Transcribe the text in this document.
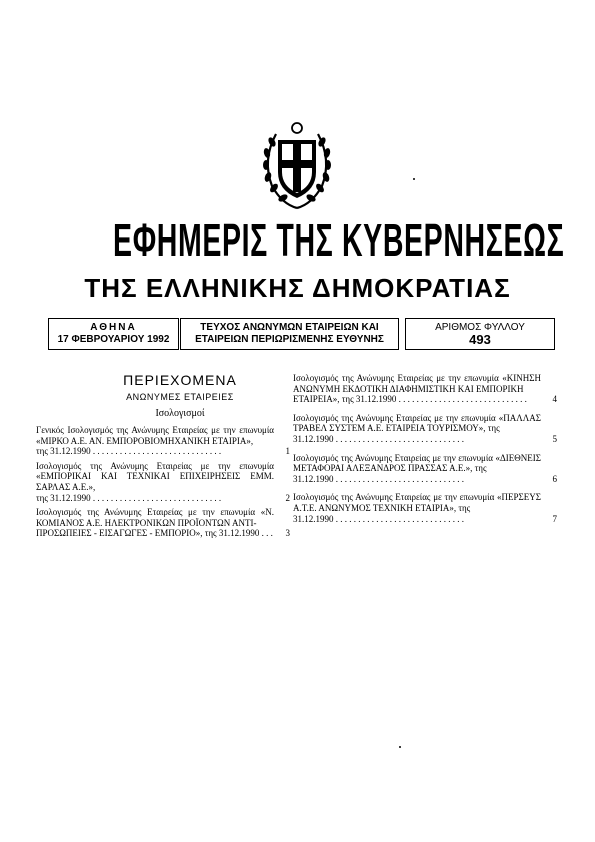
ΕΦΗΜΕΡΙΣ ΤΗΣ ΚΥΒΕΡΝΗΣΕΩΣ
ΤΗΣ ΕΛΛΗΝΙΚΗΣ ΔΗΜΟΚΡΑΤΙΑΣ
ΑΘΗΝΑ
17 ΦΕΒΡΟΥΑΡΙΟΥ 1992
ΤΕΥΧΟΣ ΑΝΩΝΥΜΩΝ ΕΤΑΙΡΕΙΩΝ ΚΑΙ
ΕΤΑΙΡΕΙΩΝ ΠΕΡΙΩΡΙΣΜΕΝΗΣ ΕΥΘΥΝΗΣ
ΑΡΙΘΜΟΣ ΦΥΛΛΟΥ
493
ΠΕΡΙΕΧΟΜΕΝΑ
ΑΝΩΝΥΜΕΣ ΕΤΑΙΡΕΙΕΣ
Ισολογισμοί
Γενικός Ισολογισμός της Ανώνυμης Εταιρείας με την επωνυμία «ΜΙΡΚΟ Α.Ε. ΑΝ. ΕΜΠΟΡΟΒΙΟΜΗΧΑΝΙΚΗ ΕΤΑΙΡΙΑ»,
της 31.12.1990 . . .	1
Ισολογισμός της Ανώνυμης Εταιρείας με την επωνυμία «ΕΜΠΟΡΙΚΑΙ ΚΑΙ ΤΕΧΝΙΚΑΙ ΕΠΙΧΕΙΡΗΣΕΙΣ ΕΜΜ. ΣΑΡΛΑΣ Α.Ε.»,
της 31.12.1990 . . .	2
Ισολογισμός της Ανώνυμης Εταιρείας με την επωνυμία «Ν. ΚΟΜΙΑΝΟΣ Α.Ε. ΗΛΕΚΤΡΟΝΙΚΩΝ ΠΡΟΪΟΝΤΩΝ ΑΝΤΙ-
ΠΡΟΣΩΠΕΙΕΣ - ΕΙΣΑΓΩΓΕΣ - ΕΜΠΟΡΙΟ», της 31.12.1990 . . .	3
Ισολογισμός της Ανώνυμης Εταιρείας με την επωνυμία «ΚΙΝΗΣΗ ΑΝΩΝΥΜΗ ΕΚΔΟΤΙΚΗ ΔΙΑΦΗΜΙΣΤΙΚΗ ΚΑΙ ΕΜΠΟΡΙΚΗ
ΕΤΑΙΡΕΙΑ», της 31.12.1990 . . .	4
Ισολογισμός της Ανώνυμης Εταιρείας με την επωνυμία «ΠΑΛΛΑΣ ΤΡΑΒΕΛ ΣΥΣΤΕΜ Α.Ε. ΕΤΑΙΡΕΙΑ ΤΟΥΡΙΣΜΟΥ», της
31.12.1990 . . .	5
Ισολογισμός της Ανώνυμης Εταιρείας με την επωνυμία «ΔΙΕΘΝΕΙΣ ΜΕΤΑΦΟΡΑΙ ΑΛΕΞΑΝΔΡΟΣ ΠΡΑΣΣΑΣ Α.Ε.», της
31.12.1990 . . .	6
Ισολογισμός της Ανώνυμης Εταιρείας με την επωνυμία «ΠΕΡΣΕΥΣ Α.Τ.Ε. ΑΝΩΝΥΜΟΣ ΤΕΧΝΙΚΗ ΕΤΑΙΡΙΑ», της
31.12.1990 . . .	7
